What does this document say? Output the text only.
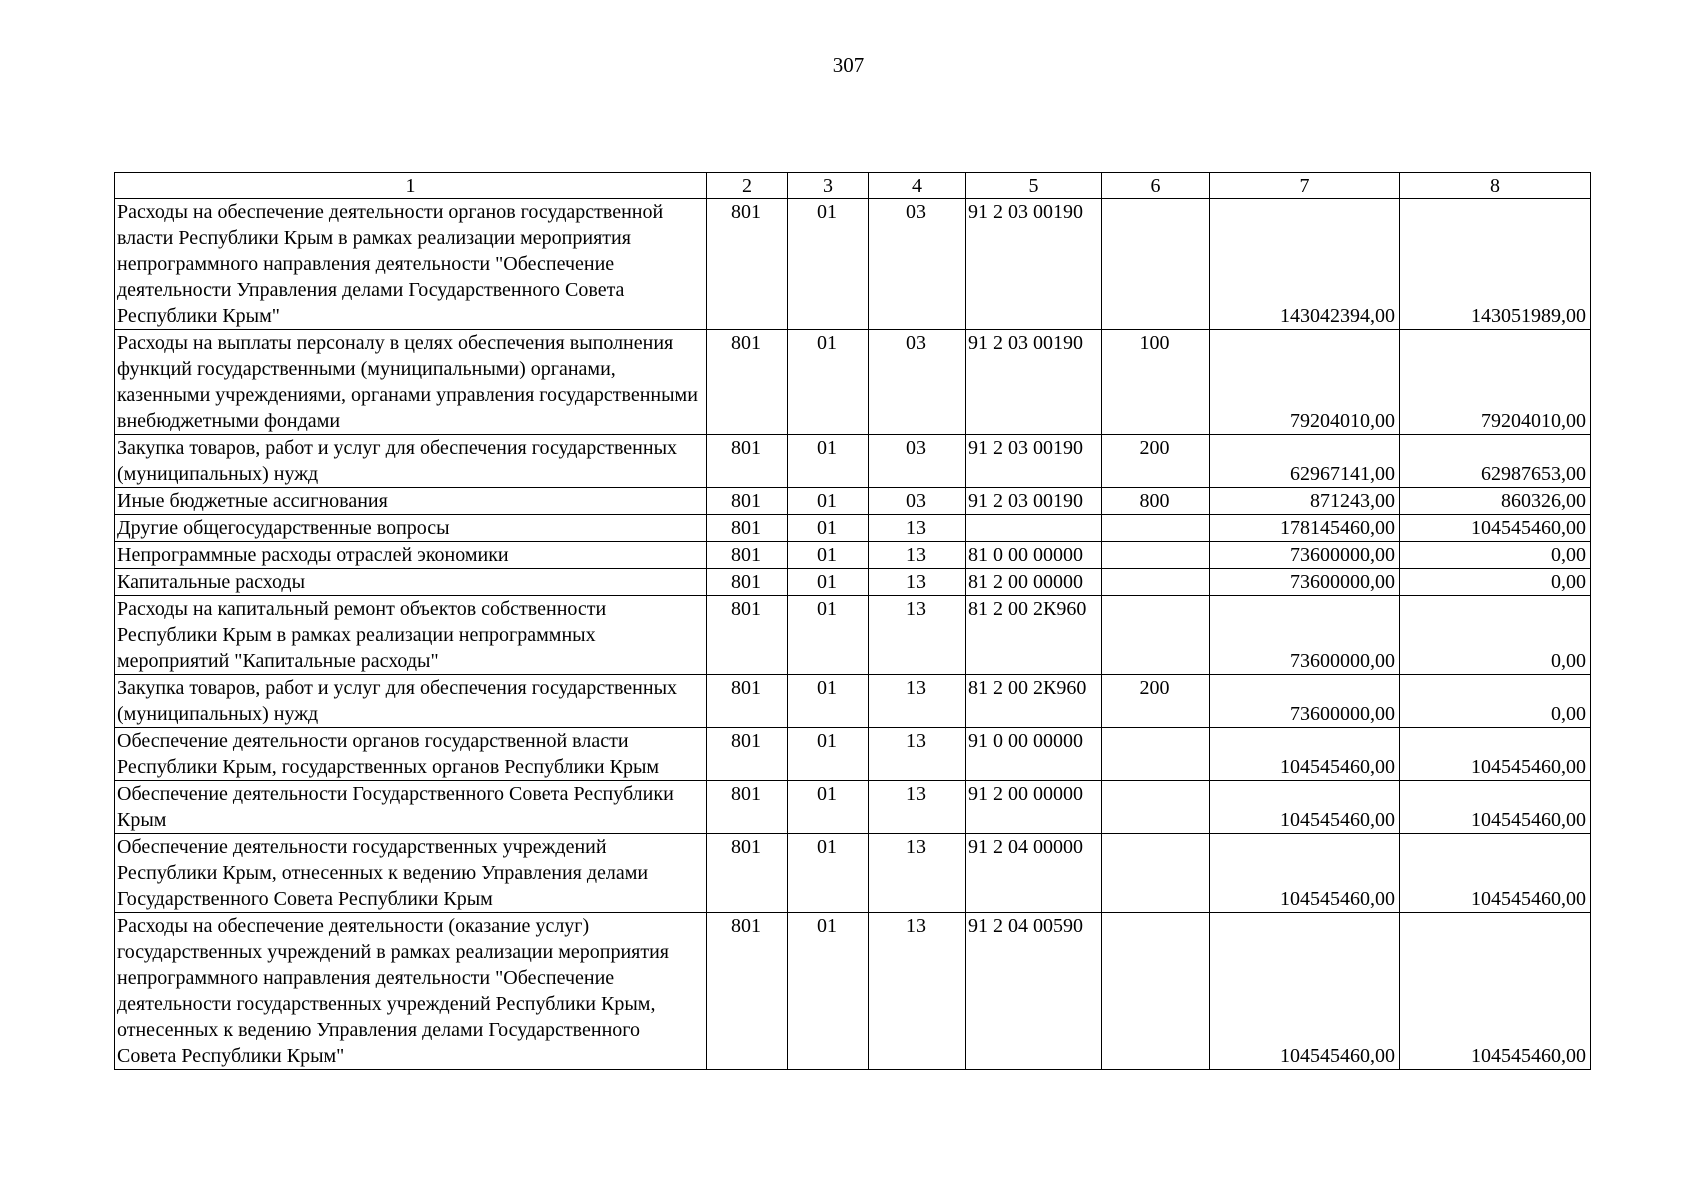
307
1	2	3	4	5	6	7	8
Расходы на обеспечение деятельности органов государственной власти Республики Крым в рамках реализации мероприятия непрограммного направления деятельности "Обеспечение деятельности Управления делами Государственного Совета Республики Крым"	801	01	03	91 2 03 00190		143042394,00	143051989,00
Расходы на выплаты персоналу в целях обеспечения выполнения функций государственными (муниципальными) органами, казенными учреждениями, органами управления государственными внебюджетными фондами	801	01	03	91 2 03 00190	100	79204010,00	79204010,00
Закупка товаров, работ и услуг для обеспечения государственных (муниципальных) нужд	801	01	03	91 2 03 00190	200	62967141,00	62987653,00
Иные бюджетные ассигнования	801	01	03	91 2 03 00190	800	871243,00	860326,00
Другие общегосударственные вопросы	801	01	13			178145460,00	104545460,00
Непрограммные расходы отраслей экономики	801	01	13	81 0 00 00000		73600000,00	0,00
Капитальные расходы	801	01	13	81 2 00 00000		73600000,00	0,00
Расходы на капитальный ремонт объектов собственности Республики Крым в рамках реализации непрограммных мероприятий "Капитальные расходы"	801	01	13	81 2 00 2К960		73600000,00	0,00
Закупка товаров, работ и услуг для обеспечения государственных (муниципальных) нужд	801	01	13	81 2 00 2К960	200	73600000,00	0,00
Обеспечение деятельности органов государственной власти Республики Крым, государственных органов Республики Крым	801	01	13	91 0 00 00000		104545460,00	104545460,00
Обеспечение деятельности Государственного Совета Республики Крым	801	01	13	91 2 00 00000		104545460,00	104545460,00
Обеспечение деятельности государственных учреждений Республики Крым, отнесенных к ведению Управления делами Государственного Совета Республики Крым	801	01	13	91 2 04 00000		104545460,00	104545460,00
Расходы на обеспечение деятельности (оказание услуг) государственных учреждений в рамках реализации мероприятия непрограммного направления деятельности "Обеспечение деятельности государственных учреждений Республики Крым, отнесенных к ведению Управления делами Государственного Совета Республики Крым"	801	01	13	91 2 04 00590		104545460,00	104545460,00
